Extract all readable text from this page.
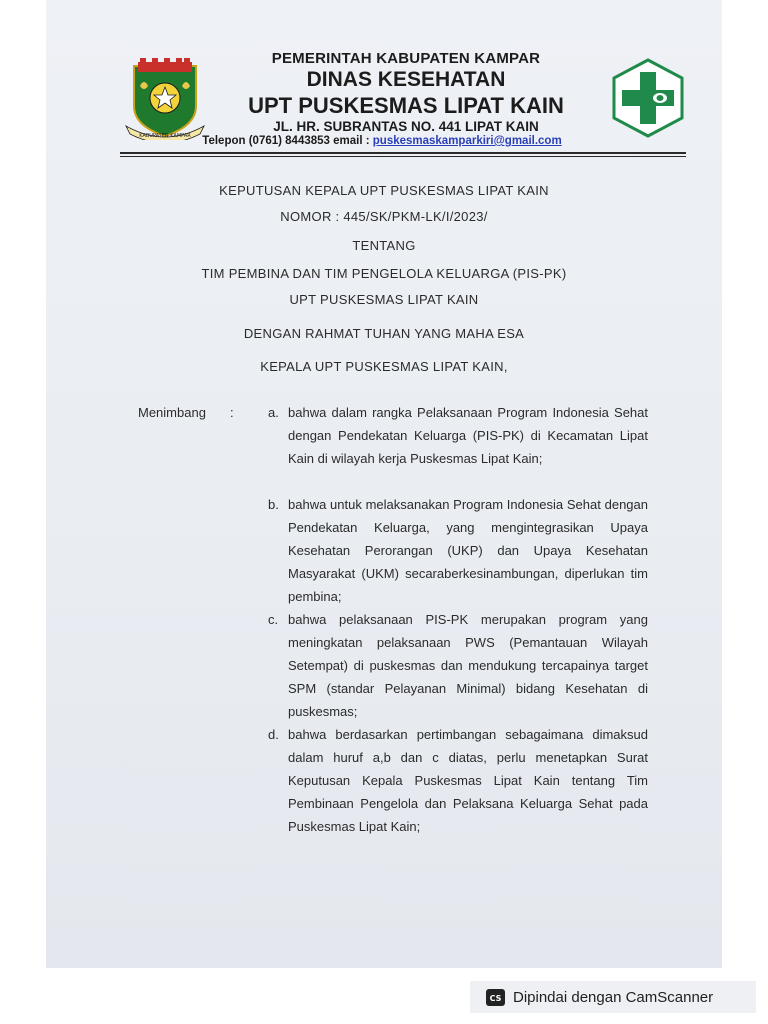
KABUPATEN KAMPAR
PEMERINTAH KABUPATEN KAMPAR
DINAS KESEHATAN
UPT PUSKESMAS LIPAT KAIN
JL. HR. SUBRANTAS NO. 441 LIPAT KAIN
Telepon (0761) 8443853 email : puskesmaskamparkiri@gmail.com
KEPUTUSAN KEPALA UPT PUSKESMAS LIPAT KAIN
NOMOR : 445/SK/PKM-LK/I/2023/
TENTANG
TIM PEMBINA DAN TIM PENGELOLA KELUARGA (PIS-PK)
UPT PUSKESMAS LIPAT KAIN
DENGAN RAHMAT TUHAN YANG MAHA ESA
KEPALA UPT PUSKESMAS LIPAT KAIN,
Menimbang :	a. bahwa dalam rangka Pelaksanaan Program Indonesia Sehat dengan Pendekatan Keluarga (PIS-PK) di Kecamatan Lipat Kain di wilayah kerja Puskesmas Lipat Kain;
b. bahwa untuk melaksanakan Program Indonesia Sehat dengan Pendekatan Keluarga, yang mengintegrasikan Upaya Kesehatan Perorangan (UKP) dan Upaya Kesehatan Masyarakat (UKM) secaraberkesinambungan, diperlukan tim pembina;
c. bahwa pelaksanaan PIS-PK merupakan program yang meningkatan pelaksanaan PWS (Pemantauan Wilayah Setempat) di puskesmas dan mendukung tercapainya target SPM (standar Pelayanan Minimal) bidang Kesehatan di puskesmas;
d. bahwa berdasarkan pertimbangan sebagaimana dimaksud dalam huruf a,b dan c diatas, perlu menetapkan Surat Keputusan Kepala Puskesmas Lipat Kain tentang Tim Pembinaan Pengelola dan Pelaksana Keluarga Sehat pada Puskesmas Lipat Kain;
CS Dipindai dengan CamScanner
